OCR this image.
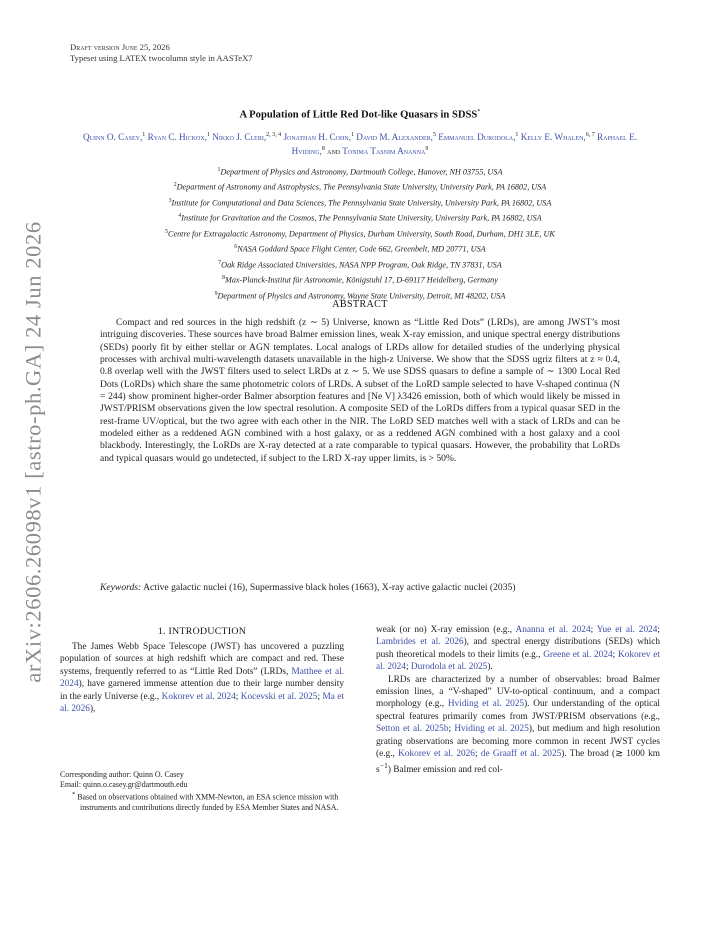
arXiv:2606.26098v1 [astro-ph.GA] 24 Jun 2026
Draft version June 25, 2026
Typeset using LATEX twocolumn style in AASTeX7
A Population of Little Red Dot-like Quasars in SDSS*
Quinn O. Casey,$^1$ Ryan C. Hickox,$^1$ Nikko J. Cleri,$^{2, 3, 4}$ Jonathan H. Cohn,$^1$ David M. Alexander,$^5$ Emmanuel Durodola,$^1$ Kelly E. Whalen,$^{6, 7}$ Raphael E. Hviding,$^8$ and Tonima Tasnim Ananna$^9$
$^1$Department of Physics and Astronomy, Dartmouth College, Hanover, NH 03755, USA
$^2$Department of Astronomy and Astrophysics, The Pennsylvania State University, University Park, PA 16802, USA
$^3$Institute for Computational and Data Sciences, The Pennsylvania State University, University Park, PA 16802, USA
$^4$Institute for Gravitation and the Cosmos, The Pennsylvania State University, University Park, PA 16802, USA
$^5$Centre for Extragalactic Astronomy, Department of Physics, Durham University, South Road, Durham, DH1 3LE, UK
$^6$NASA Goddard Space Flight Center, Code 662, Greenbelt, MD 20771, USA
$^7$Oak Ridge Associated Universities, NASA NPP Program, Oak Ridge, TN 37831, USA
$^8$Max-Planck-Institut für Astronomie, Königstuhl 17, D-69117 Heidelberg, Germany
$^9$Department of Physics and Astronomy, Wayne State University, Detroit, MI 48202, USA
ABSTRACT
Compact and red sources in the high redshift (z ∼ 5) Universe, known as “Little Red Dots” (LRDs), are among JWST’s most intriguing discoveries. These sources have broad Balmer emission lines, weak X-ray emission, and unique spectral energy distributions (SEDs) poorly fit by either stellar or AGN templates. Local analogs of LRDs allow for detailed studies of the underlying physical processes with archival multi-wavelength datasets unavailable in the high-z Universe. We show that the SDSS ugriz filters at z ≈ 0.4, 0.8 overlap well with the JWST filters used to select LRDs at z ∼ 5. We use SDSS quasars to define a sample of ∼ 1300 Local Red Dots (LoRDs) which share the same photometric colors of LRDs. A subset of the LoRD sample selected to have V-shaped continua (N = 244) show prominent higher-order Balmer absorption features and [Ne V] λ3426 emission, both of which would likely be missed in JWST/PRISM observations given the low spectral resolution. A composite SED of the LoRDs differs from a typical quasar SED in the rest-frame UV/optical, but the two agree with each other in the NIR. The LoRD SED matches well with a stack of LRDs and can be modeled either as a reddened AGN combined with a host galaxy, or as a reddened AGN combined with a host galaxy and a cool blackbody. Interestingly, the LoRDs are X-ray detected at a rate comparable to typical quasars. However, the probability that LoRDs and typical quasars would go undetected, if subject to the LRD X-ray upper limits, is > 50%.
Keywords: Active galactic nuclei (16), Supermassive black holes (1663), X-ray active galactic nuclei (2035)
1. INTRODUCTION

The James Webb Space Telescope (JWST) has uncovered a puzzling population of sources at high redshift which are compact and red. These systems, frequently referred to as “Little Red Dots” (LRDs, Matthee et al. 2024), have garnered immense attention due to their large number density in the early Universe (e.g., Kokorev et al. 2024; Kocevski et al. 2025; Ma et al. 2026),

weak (or no) X-ray emission (e.g., Ananna et al. 2024; Yue et al. 2024; Lambrides et al. 2026), and spectral energy distributions (SEDs) which push theoretical models to their limits (e.g., Greene et al. 2024; Kokorev et al. 2024; Durodola et al. 2025).

LRDs are characterized by a number of observables: broad Balmer emission lines, a “V-shaped” UV-to-optical continuum, and a compact morphology (e.g., Hviding et al. 2025). Our understanding of the optical spectral features primarily comes from JWST/PRISM observations (e.g., Setton et al. 2025b; Hviding et al. 2025), but medium and high resolution grating observations are becoming more common in recent JWST cycles (e.g., Kokorev et al. 2026; de Graaff et al. 2025). The broad (≳ 1000 km $s^{-1}$) Balmer emission and red col-

Corresponding author: Quinn O. Casey
Email: quinn.o.casey.gr@dartmouth.edu
* Based on observations obtained with XMM-Newton, an ESA science mission with instruments and contributions directly funded by ESA Member States and NASA.
